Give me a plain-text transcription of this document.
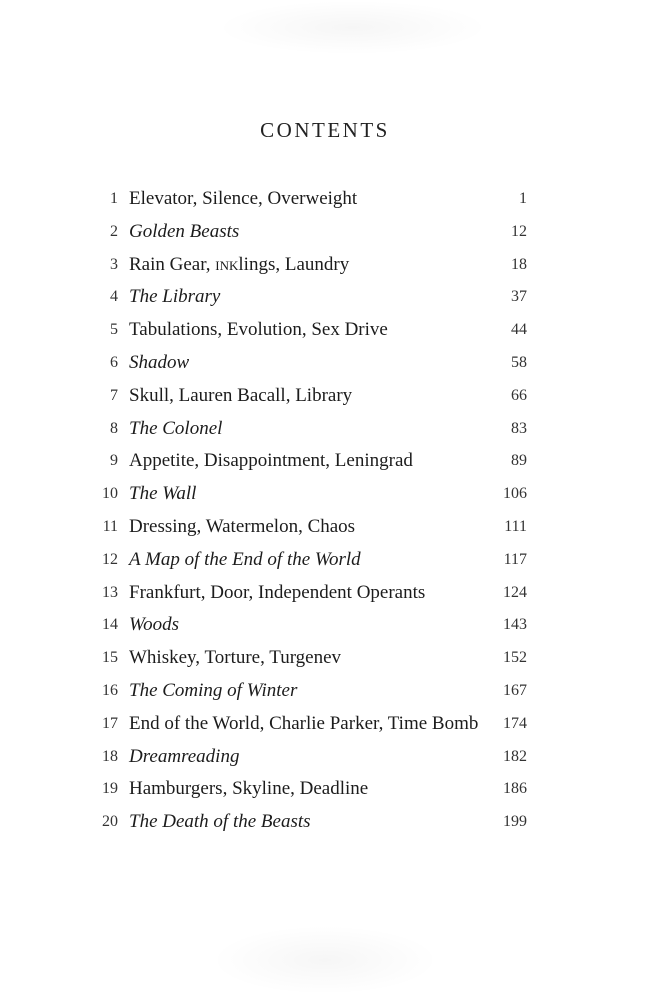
CONTENTS
1 Elevator, Silence, Overweight	1
2 Golden Beasts	12
3 Rain Gear, inklings, Laundry	18
4 The Library	37
5 Tabulations, Evolution, Sex Drive	44
6 Shadow	58
7 Skull, Lauren Bacall, Library	66
8 The Colonel	83
9 Appetite, Disappointment, Leningrad	89
10 The Wall	106
11 Dressing, Watermelon, Chaos	111
12 A Map of the End of the World	117
13 Frankfurt, Door, Independent Operants	124
14 Woods	143
15 Whiskey, Torture, Turgenev	152
16 The Coming of Winter	167
17 End of the World, Charlie Parker, Time Bomb 174
18 Dreamreading	182
19 Hamburgers, Skyline, Deadline	186
20 The Death of the Beasts	199
